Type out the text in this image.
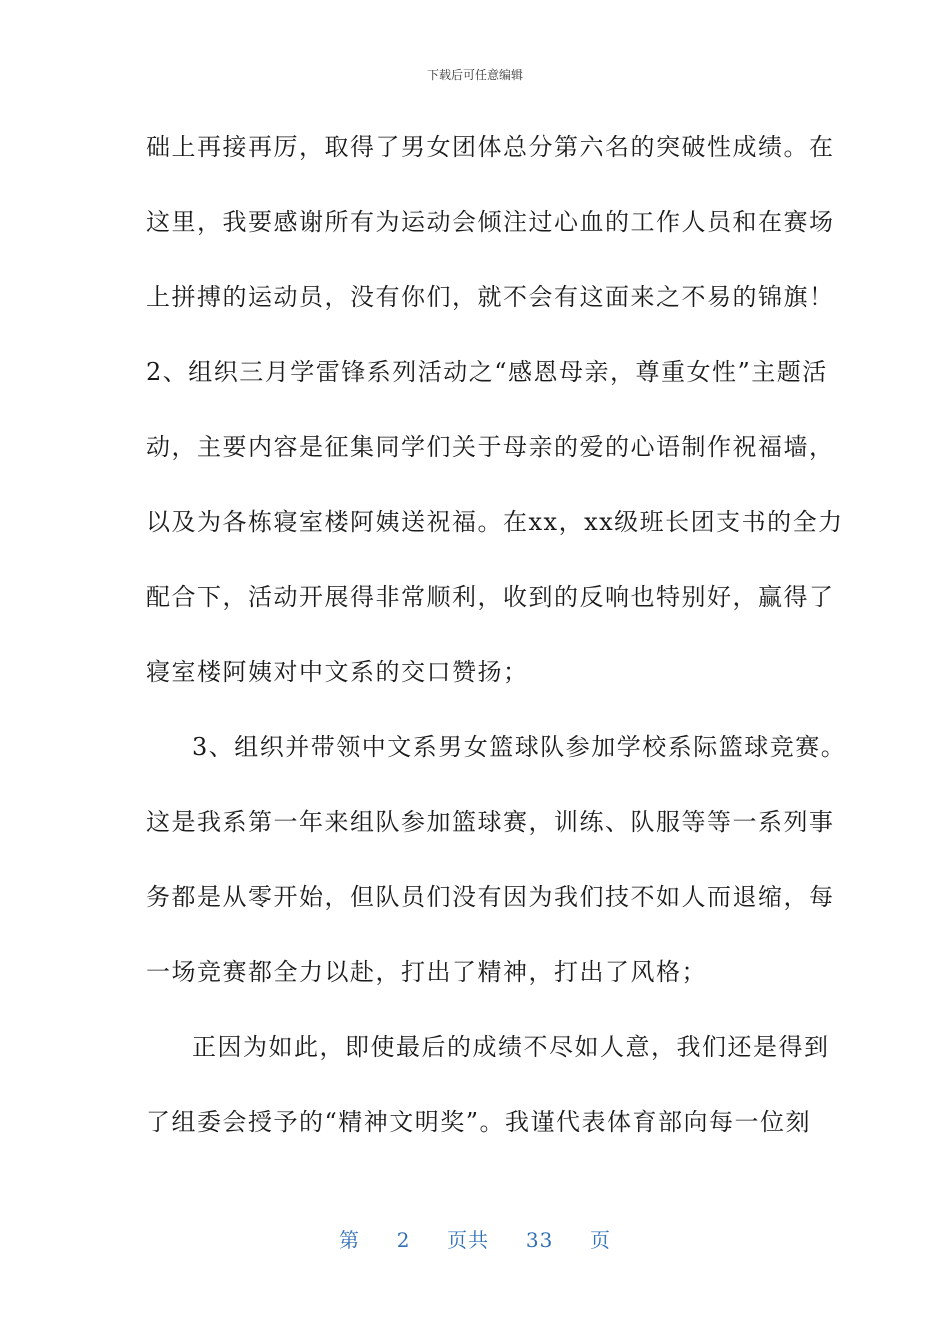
下载后可任意编辑
础上再接再厉，取得了男女团体总分第六名的突破性成绩。在
这里，我要感谢所有为运动会倾注过心血的工作人员和在赛场
上拼搏的运动员，没有你们，就不会有这面来之不易的锦旗！
2、组织三月学雷锋系列活动之“感恩母亲，尊重女性”主题活
动，主要内容是征集同学们关于母亲的爱的心语制作祝福墙，
以及为各栋寝室楼阿姨送祝福。在xx，xx级班长团支书的全力
配合下，活动开展得非常顺利，收到的反响也特别好，赢得了
寝室楼阿姨对中文系的交口赞扬；
3、组织并带领中文系男女篮球队参加学校系际篮球竞赛。
这是我系第一年来组队参加篮球赛，训练、队服等等一系列事
务都是从零开始，但队员们没有因为我们技不如人而退缩，每
一场竞赛都全力以赴，打出了精神，打出了风格；
正因为如此，即使最后的成绩不尽如人意，我们还是得到
了组委会授予的“精神文明奖”。我谨代表体育部向每一位刻
第 2 页共 33 页
